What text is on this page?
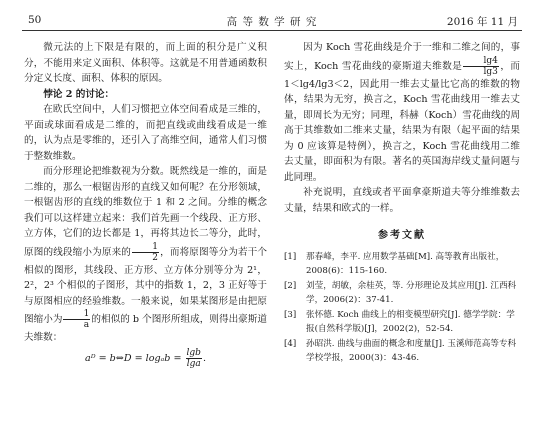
50	高 等 数 学 研 究	2016 年 11 月

微元法的上下限是有限的，而上面的积分是广义积分，不能用来定义面积、体积等。这就是不用普通函数积分定义长度、面积、体积的原因。

悖论 2 的讨论：

在欧氏空间中，人们习惯把立体空间看成是三维的，平面或球面看成是二维的，而把直线或曲线看成是一维的，认为点是零维的，还引入了高维空间，通常人们习惯于整数维数。

而分形理论把维数视为分数。既然线是一维的，面是二维的，那么一根锯齿形的直线又如何呢？在分形领域，一根锯齿形的直线的维数位于 1 和 2 之间。分维的概念我们可以这样建立起来：我们首先画一个线段、正方形、立方体，它们的边长都是 1，再将其边长二等分，此时，原图的线段缩小为原来的 $\frac{1}{2}$ ，而将原图等分为若干个相似的图形，其线段、正方形、立方体分别等分为 2¹，2²，2³ 个相似的子图形，其中的指数 1，2，3 正好等于与原图相应的经验维数。一般来说，如果某图形是由把原图缩小为 $\frac{1}{a}$ 的相似的 b 个图形所组成，则得出豪斯道夫维数：

aᴰ = b⇔D = $\log_ab = \frac{\lg b}{\lg a}$ .

因为 Koch 雪花曲线是介于一维和二维之间的，事实上，Koch 雪花曲线的豪斯道夫维数是 $\frac{\lg 4}{\lg 3}$ ，而 1＜lg4/lg3＜2，因此用一维去丈量比它高的维数的物体，结果为无穷，换言之，Koch 雪花曲线用一维去丈量，即周长为无穷；同理，科赫（Koch）雪花曲线的周高于其维数如二维来丈量，结果为有限（起平面的结果为 0 应该算是特例），换言之，Koch 雪花曲线用二维去丈量，即面积为有限。著名的英国海岸线丈量问题与此同理。

补充说明，直线或者平面拿豪斯道夫等分维维数去丈量，结果和欧式的一样。

参考文献
[1]	那春峰，李平. 应用数学基础[M]. 高等教育出版社，2008(6)：115-160.
[2]	刘莹，胡敏，余桂英，等. 分形理论及其应用[J]. 江西科学，2006(2)：37-41.
[3]	张怀德. Koch 曲线上的相变模型研究[J]. 德学学院：学报(自然科学版)[J]，2002(2)，52-54.
[4]	孙昭洪. 曲线与曲面的概念和度量[J]. 玉溪师范高等专科学校学报，2000(3)：43-46.
